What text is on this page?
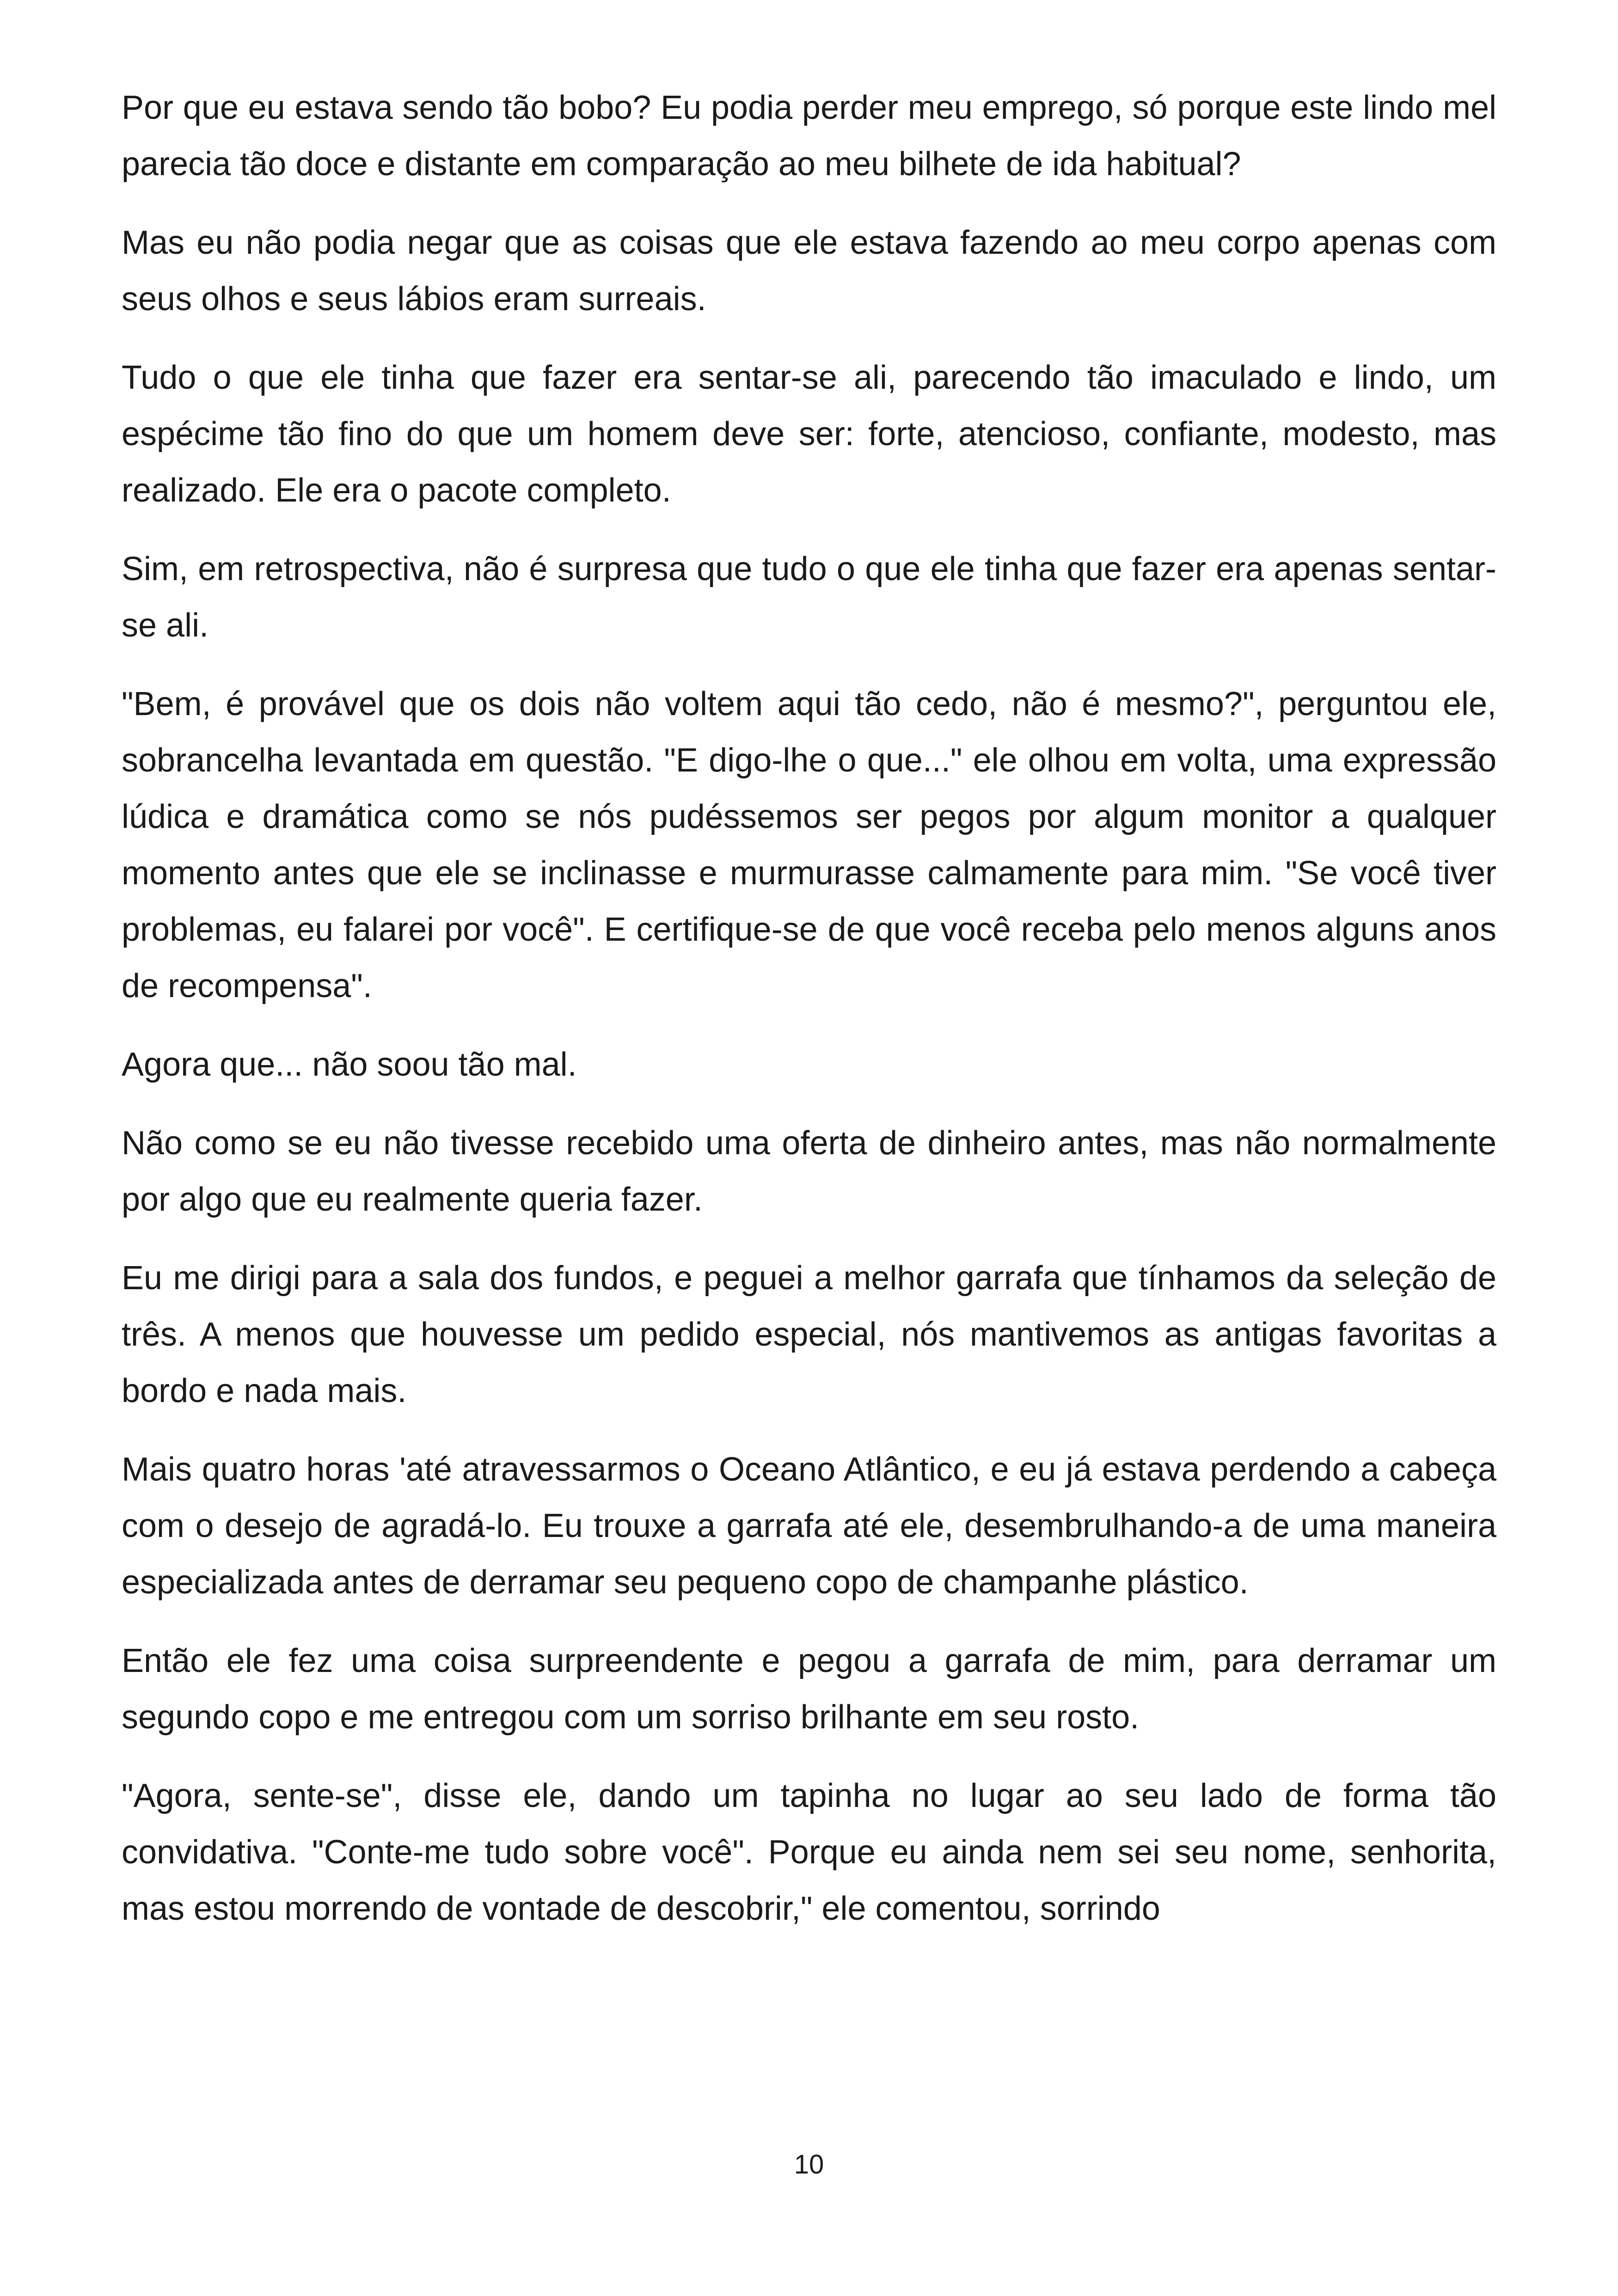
Por que eu estava sendo tão bobo? Eu podia perder meu emprego, só porque este lindo mel parecia tão doce e distante em comparação ao meu bilhete de ida habitual?

Mas eu não podia negar que as coisas que ele estava fazendo ao meu corpo apenas com seus olhos e seus lábios eram surreais.

Tudo o que ele tinha que fazer era sentar-se ali, parecendo tão imaculado e lindo, um espécime tão fino do que um homem deve ser: forte, atencioso, confiante, modesto, mas realizado. Ele era o pacote completo.

Sim, em retrospectiva, não é surpresa que tudo o que ele tinha que fazer era apenas sentar-se ali.

"Bem, é provável que os dois não voltem aqui tão cedo, não é mesmo?", perguntou ele, sobrancelha levantada em questão. "E digo-lhe o que..." ele olhou em volta, uma expressão lúdica e dramática como se nós pudéssemos ser pegos por algum monitor a qualquer momento antes que ele se inclinasse e murmurasse calmamente para mim. "Se você tiver problemas, eu falarei por você". E certifique-se de que você receba pelo menos alguns anos de recompensa".

Agora que... não soou tão mal.

Não como se eu não tivesse recebido uma oferta de dinheiro antes, mas não normalmente por algo que eu realmente queria fazer.

Eu me dirigi para a sala dos fundos, e peguei a melhor garrafa que tínhamos da seleção de três. A menos que houvesse um pedido especial, nós mantivemos as antigas favoritas a bordo e nada mais.

Mais quatro horas 'até atravessarmos o Oceano Atlântico, e eu já estava perdendo a cabeça com o desejo de agradá-lo. Eu trouxe a garrafa até ele, desembrulhando-a de uma maneira especializada antes de derramar seu pequeno copo de champanhe plástico.

Então ele fez uma coisa surpreendente e pegou a garrafa de mim, para derramar um segundo copo e me entregou com um sorriso brilhante em seu rosto.

"Agora, sente-se", disse ele, dando um tapinha no lugar ao seu lado de forma tão convidativa. "Conte-me tudo sobre você". Porque eu ainda nem sei seu nome, senhorita, mas estou morrendo de vontade de descobrir," ele comentou, sorrindo

10
